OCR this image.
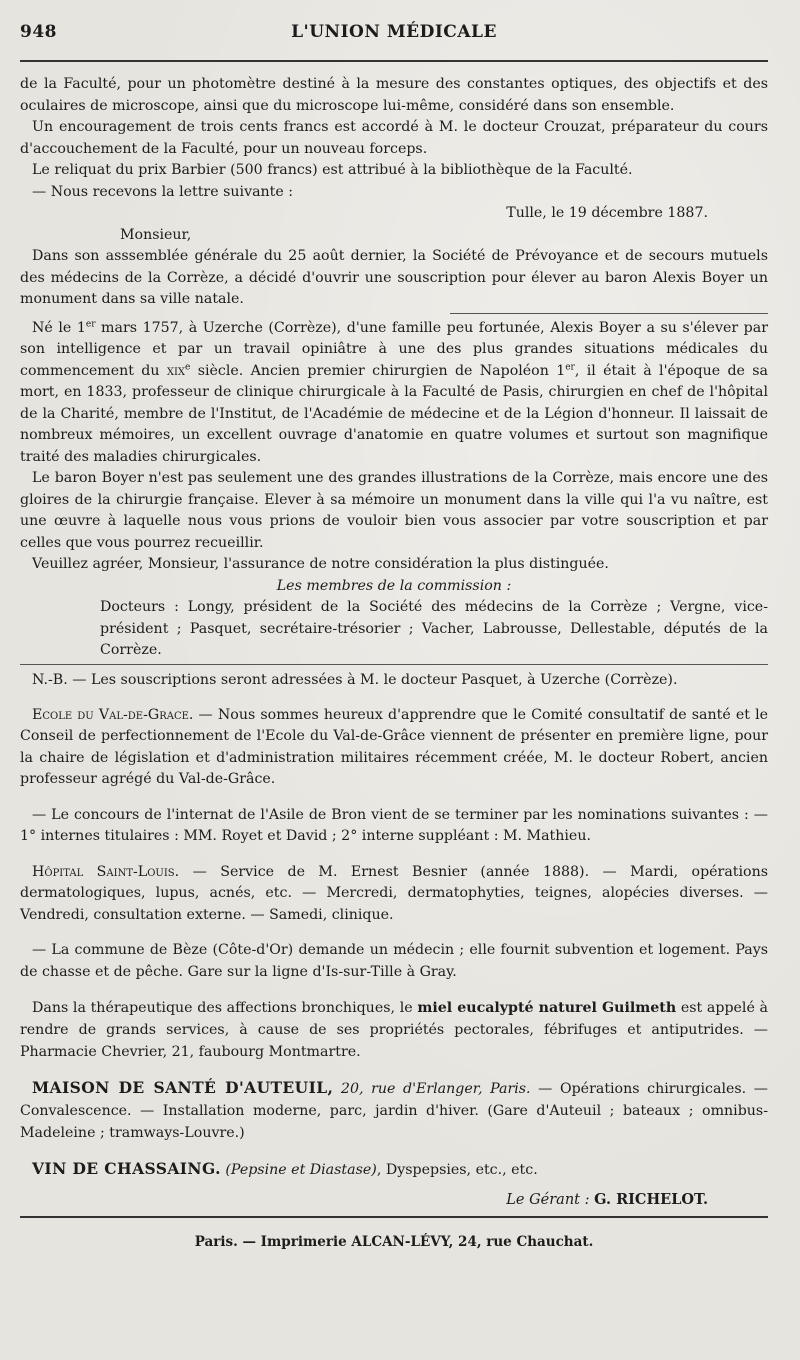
948	L'UNION MÉDICALE

de la Faculté, pour un photomètre destiné à la mesure des constantes optiques, des objectifs et des oculaires de microscope, ainsi que du microscope lui-même, considéré dans son ensemble.

Un encouragement de trois cents francs est accordé à M. le docteur Crouzat, préparateur du cours d'accouchement de la Faculté, pour un nouveau forceps.

Le reliquat du prix Barbier (500 francs) est attribué à la bibliothèque de la Faculté.

— Nous recevons la lettre suivante :

Tulle, le 19 décembre 1887.

Monsieur,

Dans son asssemblée générale du 25 août dernier, la Société de Prévoyance et de secours mutuels des médecins de la Corrèze, a décidé d'ouvrir une souscription pour élever au baron Alexis Boyer un monument dans sa ville natale.

Né le 1er mars 1757, à Uzerche (Corrèze), d'une famille peu fortunée, Alexis Boyer a su s'élever par son intelligence et par un travail opiniâtre à une des plus grandes situations médicales du commencement du xix$^e$ siècle. Ancien premier chirurgien de Napoléon 1er, il était à l'époque de sa mort, en 1833, professeur de clinique chirurgicale à la Faculté de Pasis, chirurgien en chef de l'hôpital de la Charité, membre de l'Institut, de l'Académie de médecine et de la Légion d'honneur. Il laissait de nombreux mémoires, un excellent ouvrage d'anatomie en quatre volumes et surtout son magnifique traité des maladies chirurgicales.

Le baron Boyer n'est pas seulement une des grandes illustrations de la Corrèze, mais encore une des gloires de la chirurgie française. Elever à sa mémoire un monument dans la ville qui l'a vu naître, est une œuvre à laquelle nous vous prions de vouloir bien vous associer par votre souscription et par celles que vous pourrez recueillir.

Veuillez agréer, Monsieur, l'assurance de notre considération la plus distinguée.

Les membres de la commission :

Docteurs : Longy, président de la Société des médecins de la Corrèze ; Vergne, vice-président ; Pasquet, secrétaire-trésorier ; Vacher, Labrousse, Dellestable, députés de la Corrèze.

N.-B. — Les souscriptions seront adressées à M. le docteur Pasquet, à Uzerche (Corrèze).

Ecole du Val-de-Grace. — Nous sommes heureux d'apprendre que le Comité consultatif de santé et le Conseil de perfectionnement de l'Ecole du Val-de-Grâce viennent de présenter en première ligne, pour la chaire de législation et d'administration militaires récemment créée, M. le docteur Robert, ancien professeur agrégé du Val-de-Grâce.

— Le concours de l'internat de l'Asile de Bron vient de se terminer par les nominations suivantes : — 1° internes titulaires : MM. Royet et David ; 2° interne suppléant : M. Mathieu.

Hôpital Saint-Louis. — Service de M. Ernest Besnier (année 1888). — Mardi, opérations dermatologiques, lupus, acnés, etc. — Mercredi, dermatophyties, teignes, alopécies diverses. — Vendredi, consultation externe. — Samedi, clinique.

— La commune de Bèze (Côte-d'Or) demande un médecin ; elle fournit subvention et logement. Pays de chasse et de pêche. Gare sur la ligne d'Is-sur-Tille à Gray.

Dans la thérapeutique des affections bronchiques, le miel eucalypté naturel Guilmeth est appelé à rendre de grands services, à cause de ses propriétés pectorales, fébrifuges et antiputrides. — Pharmacie Chevrier, 21, faubourg Montmartre.

MAISON DE SANTÉ D'AUTEUIL, 20, rue d'Erlanger, Paris. — Opérations chirurgicales. — Convalescence. — Installation moderne, parc, jardin d'hiver. (Gare d'Auteuil ; bateaux ; omnibus-Madeleine ; tramways-Louvre.)

VIN DE CHASSAING. (Pepsine et Diastase), Dyspepsies, etc., etc.

Le Gérant : G. RICHELOT.

Paris. — Imprimerie ALCAN-LÉVY, 24, rue Chauchat.
